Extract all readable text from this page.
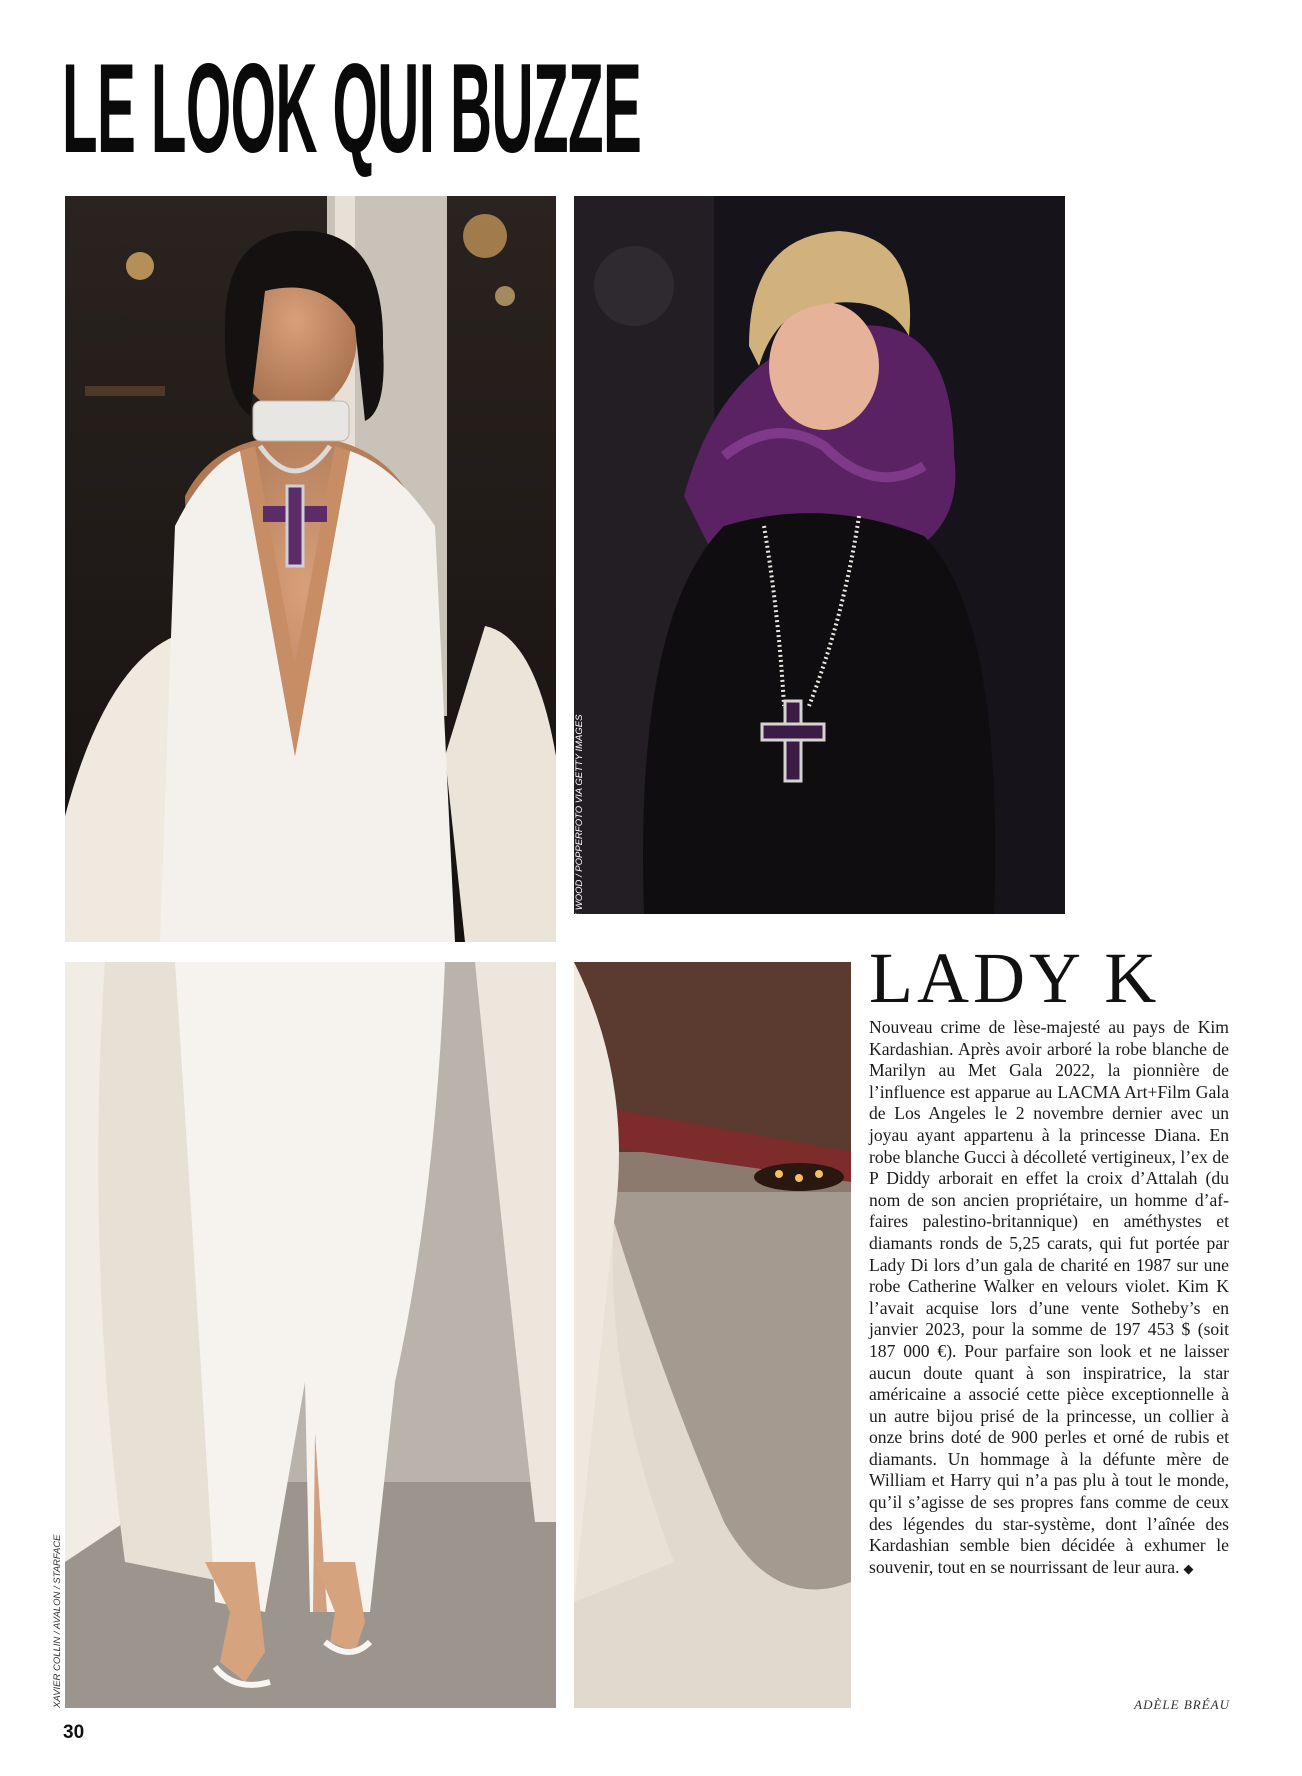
LE LOOK QUI BUZZE
STEVE WOOD / POPPERFOTO VIA GETTY IMAGES
XAVIER COLLIN / AVALON / STARFACE
LADY K

Nouveau crime de lèse-majesté au pays de Kim Kardashian. Après avoir arboré la robe blanche de Marilyn au Met Gala 2022, la pionnière de l’influence est apparue au LACMA Art+Film Gala de Los Angeles le 2 novembre dernier avec un joyau ayant appartenu à la princesse Diana. En robe blanche Gucci à décolleté vertigineux, l’ex de P Diddy arborait en effet la croix d’Attalah (du nom de son ancien propriétaire, un homme d’affaires palestino-britannique) en améthystes et diamants ronds de 5,25 carats, qui fut portée par Lady Di lors d’un gala de charité en 1987 sur une robe Catherine Walker en velours violet. Kim K l’avait acquise lors d’une vente Sotheby’s en janvier 2023, pour la somme de 197 453 $ (soit 187 000 €). Pour parfaire son look et ne laisser aucun doute quant à son inspiratrice, la star américaine a associé cette pièce exceptionnelle à un autre bijou prisé de la princesse, un collier à onze brins doté de 900 perles et orné de rubis et diamants. Un hommage à la défunte mère de William et Harry qui n’a pas plu à tout le monde, qu’il s’agisse de ses propres fans comme de ceux des légendes du star-système, dont l’aînée des Kardashian semble bien décidée à exhumer le souvenir, tout en se nourrissant de leur aura. ◆

ADÈLE BRÉAU
30
